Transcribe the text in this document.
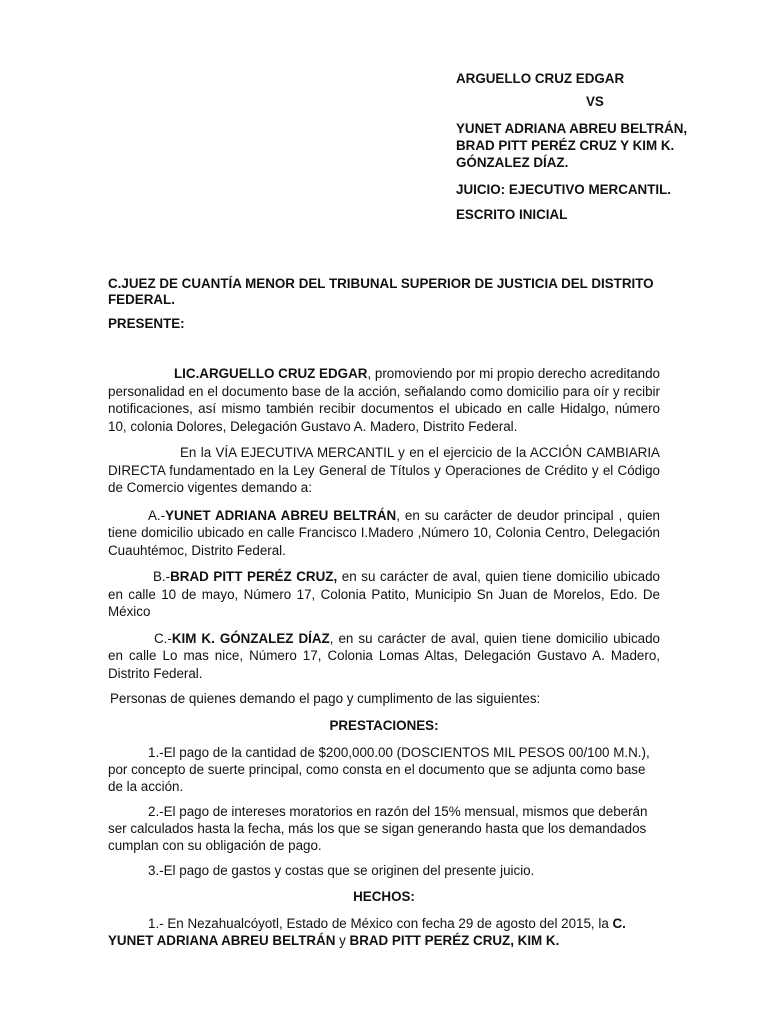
ARGUELLO CRUZ EDGAR
VS
YUNET ADRIANA ABREU BELTRÁN,
BRAD PITT PERÉZ CRUZ Y KIM K.
GÓNZALEZ DÍAZ.
JUICIO: EJECUTIVO MERCANTIL.
ESCRITO INICIAL
C.JUEZ DE CUANTÍA MENOR DEL TRIBUNAL SUPERIOR DE JUSTICIA DEL DISTRITO FEDERAL.
PRESENTE:

LIC.ARGUELLO CRUZ EDGAR, promoviendo por mi propio derecho acreditando personalidad en el documento base de la acción, señalando como domicilio para oír y recibir notificaciones, así mismo también recibir documentos el ubicado en calle Hidalgo, número 10, colonia Dolores, Delegación Gustavo A. Madero, Distrito Federal.

En la VÍA EJECUTIVA MERCANTIL y en el ejercicio de la ACCIÓN CAMBIARIA DIRECTA fundamentado en la Ley General de Títulos y Operaciones de Crédito y el Código de Comercio vigentes demando a:

A.-YUNET ADRIANA ABREU BELTRÁN, en su carácter de deudor principal , quien tiene domicilio ubicado en calle Francisco I.Madero ,Número 10, Colonia Centro, Delegación Cuauhtémoc, Distrito Federal.

B.-BRAD PITT PERÉZ CRUZ, en su carácter de aval, quien tiene domicilio ubicado en calle 10 de mayo, Número 17, Colonia Patito, Municipio Sn Juan de Morelos, Edo. De México

C.-KIM K. GÓNZALEZ DÍAZ, en su carácter de aval, quien tiene domicilio ubicado en calle Lo mas nice, Número 17, Colonia Lomas Altas, Delegación Gustavo A. Madero, Distrito Federal.

Personas de quienes demando el pago y cumplimento de las siguientes:
PRESTACIONES:
1.-El pago de la cantidad de $200,000.00 (DOSCIENTOS MIL PESOS 00/100 M.N.), por concepto de suerte principal, como consta en el documento que se adjunta como base de la acción.
2.-El pago de intereses moratorios en razón del 15% mensual, mismos que deberán ser calculados hasta la fecha, más los que se sigan generando hasta que los demandados cumplan con su obligación de pago.
3.-El pago de gastos y costas que se originen del presente juicio.
HECHOS:
1.- En Nezahualcóyotl, Estado de México con fecha 29 de agosto del 2015, la C. YUNET ADRIANA ABREU BELTRÁN y BRAD PITT PERÉZ CRUZ, KIM K.
